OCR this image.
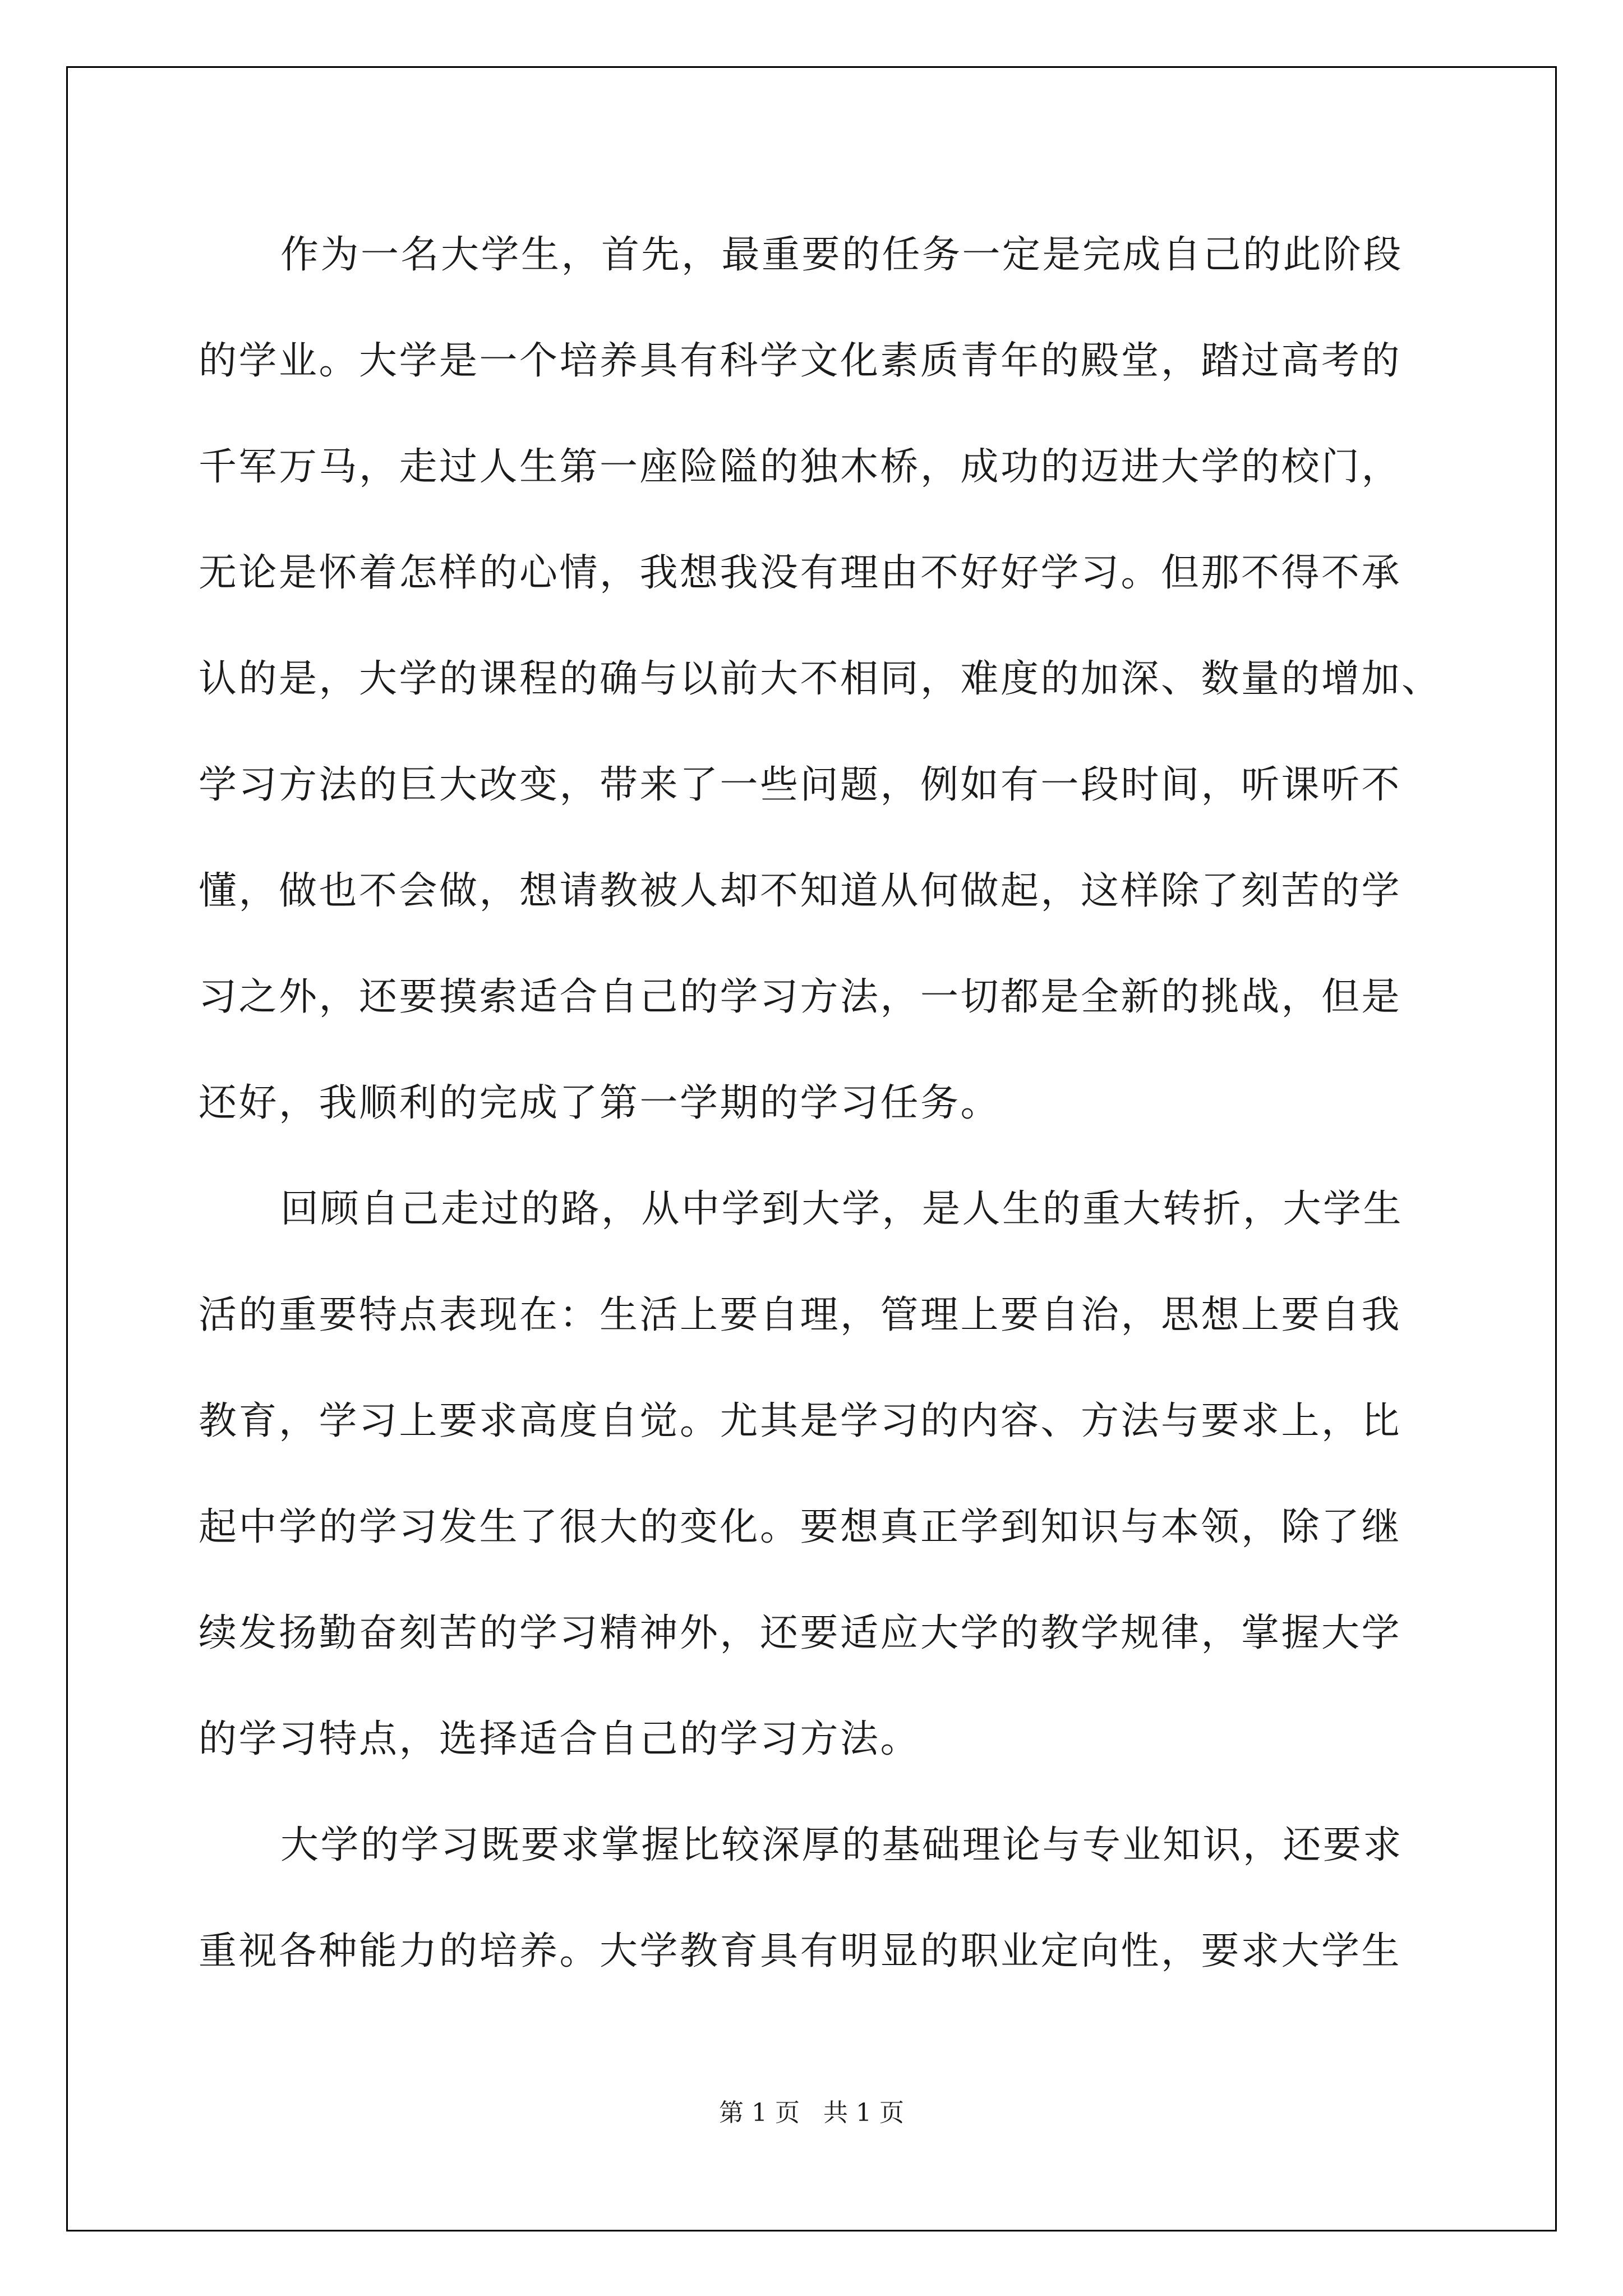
作为一名大学生，首先，最重要的任务一定是完成自己的此阶段
的学业。大学是一个培养具有科学文化素质青年的殿堂，踏过高考的
千军万马，走过人生第一座险隘的独木桥，成功的迈进大学的校门，
无论是怀着怎样的心情，我想我没有理由不好好学习。但那不得不承
认的是，大学的课程的确与以前大不相同，难度的加深、数量的增加、
学习方法的巨大改变，带来了一些问题，例如有一段时间，听课听不
懂，做也不会做，想请教被人却不知道从何做起，这样除了刻苦的学
习之外，还要摸索适合自己的学习方法，一切都是全新的挑战，但是
还好，我顺利的完成了第一学期的学习任务。
回顾自己走过的路，从中学到大学，是人生的重大转折，大学生
活的重要特点表现在：生活上要自理，管理上要自治，思想上要自我
教育，学习上要求高度自觉。尤其是学习的内容、方法与要求上，比
起中学的学习发生了很大的变化。要想真正学到知识与本领，除了继
续发扬勤奋刻苦的学习精神外，还要适应大学的教学规律，掌握大学
的学习特点，选择适合自己的学习方法。
大学的学习既要求掌握比较深厚的基础理论与专业知识，还要求
重视各种能力的培养。大学教育具有明显的职业定向性，要求大学生
第 1 页   共 1 页
